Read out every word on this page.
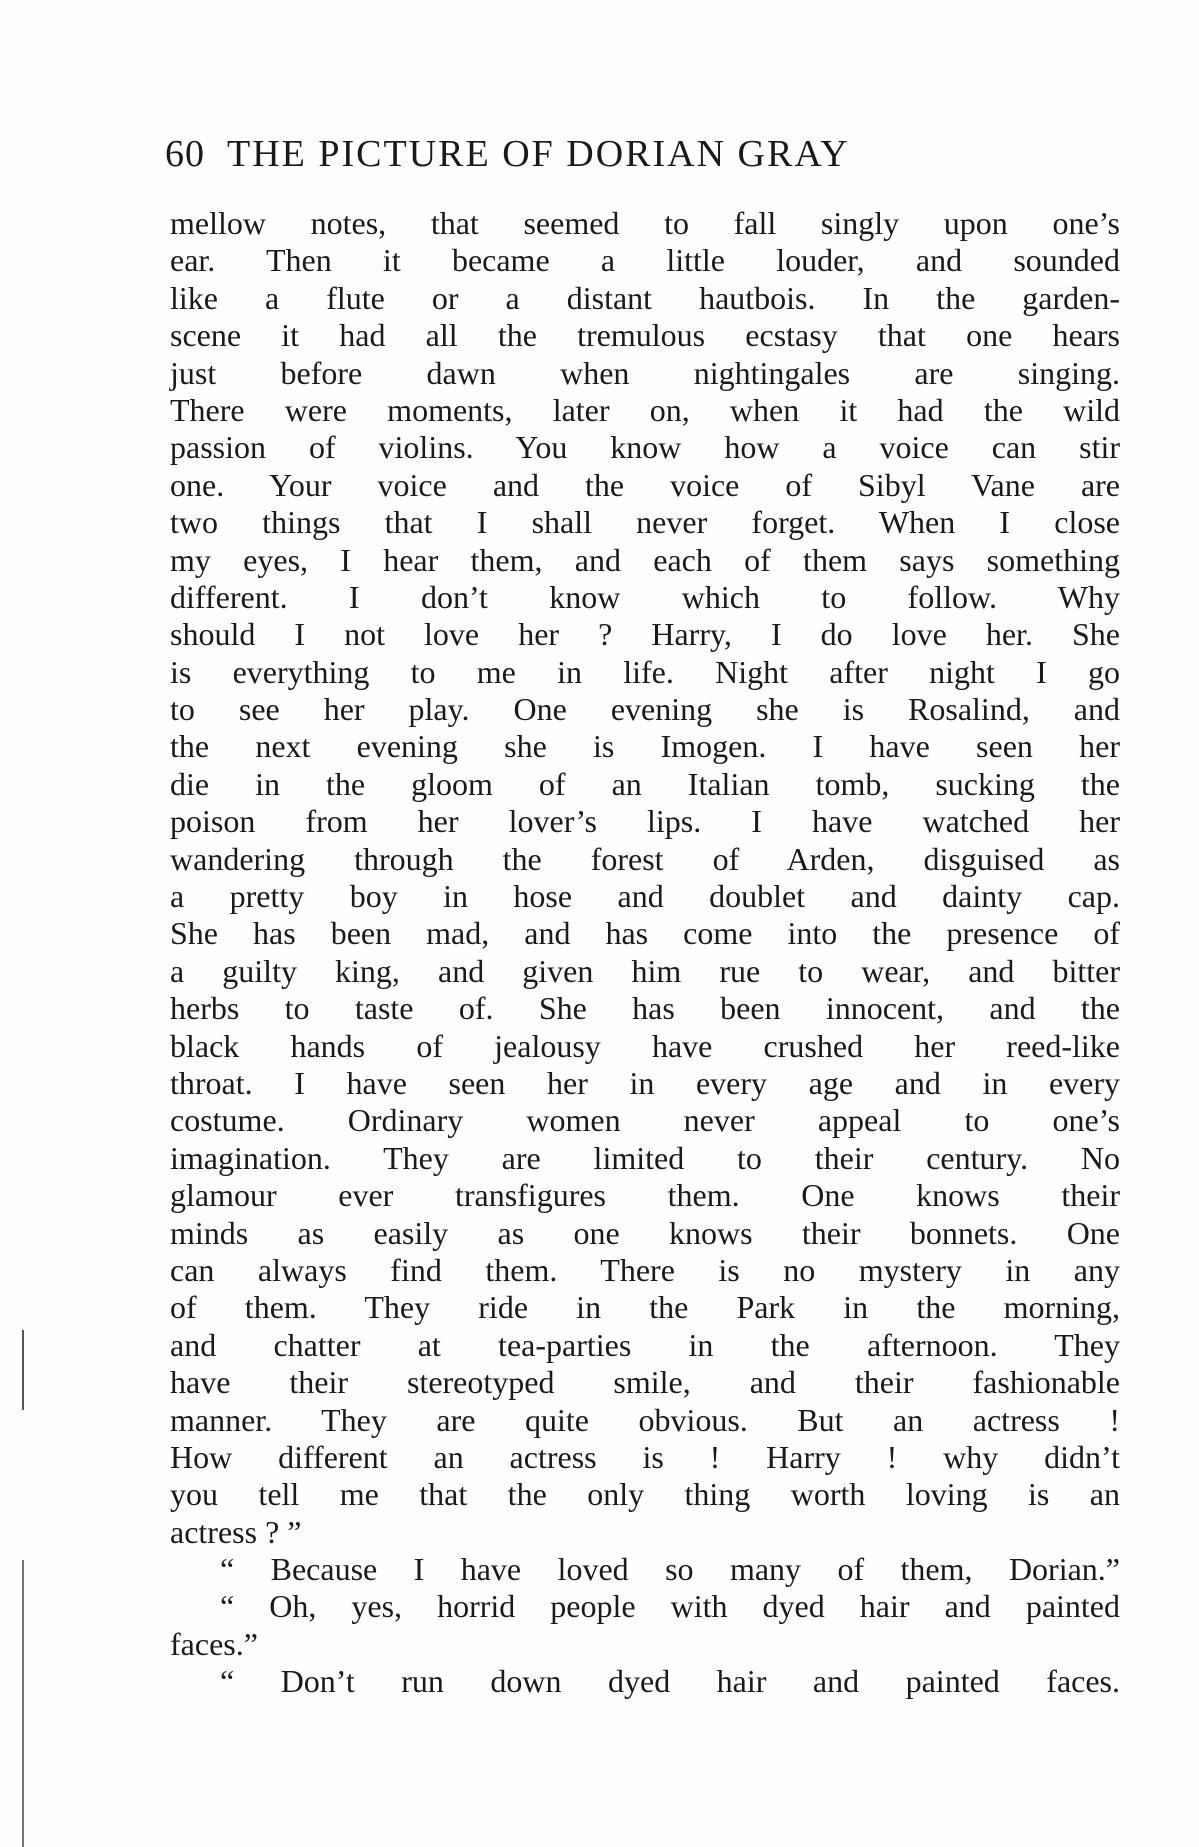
60 THE PICTURE OF DORIAN GRAY
mellow notes, that seemed to fall singly upon one’s
ear. Then it became a little louder, and sounded
like a flute or a distant hautbois. In the garden-
scene it had all the tremulous ecstasy that one hears
just before dawn when nightingales are singing.
There were moments, later on, when it had the wild
passion of violins. You know how a voice can stir
one. Your voice and the voice of Sibyl Vane are
two things that I shall never forget. When I close
my eyes, I hear them, and each of them says something
different. I don’t know which to follow. Why
should I not love her ? Harry, I do love her. She
is everything to me in life. Night after night I go
to see her play. One evening she is Rosalind, and
the next evening she is Imogen. I have seen her
die in the gloom of an Italian tomb, sucking the
poison from her lover’s lips. I have watched her
wandering through the forest of Arden, disguised as
a pretty boy in hose and doublet and dainty cap.
She has been mad, and has come into the presence of
a guilty king, and given him rue to wear, and bitter
herbs to taste of. She has been innocent, and the
black hands of jealousy have crushed her reed-like
throat. I have seen her in every age and in every
costume. Ordinary women never appeal to one’s
imagination. They are limited to their century. No
glamour ever transfigures them. One knows their
minds as easily as one knows their bonnets. One
can always find them. There is no mystery in any
of them. They ride in the Park in the morning,
and chatter at tea-parties in the afternoon. They
have their stereotyped smile, and their fashionable
manner. They are quite obvious. But an actress !
How different an actress is ! Harry ! why didn’t
you tell me that the only thing worth loving is an
actress ? ”
“ Because I have loved so many of them, Dorian.”
“ Oh, yes, horrid people with dyed hair and painted
faces.”
“ Don’t run down dyed hair and painted faces.
